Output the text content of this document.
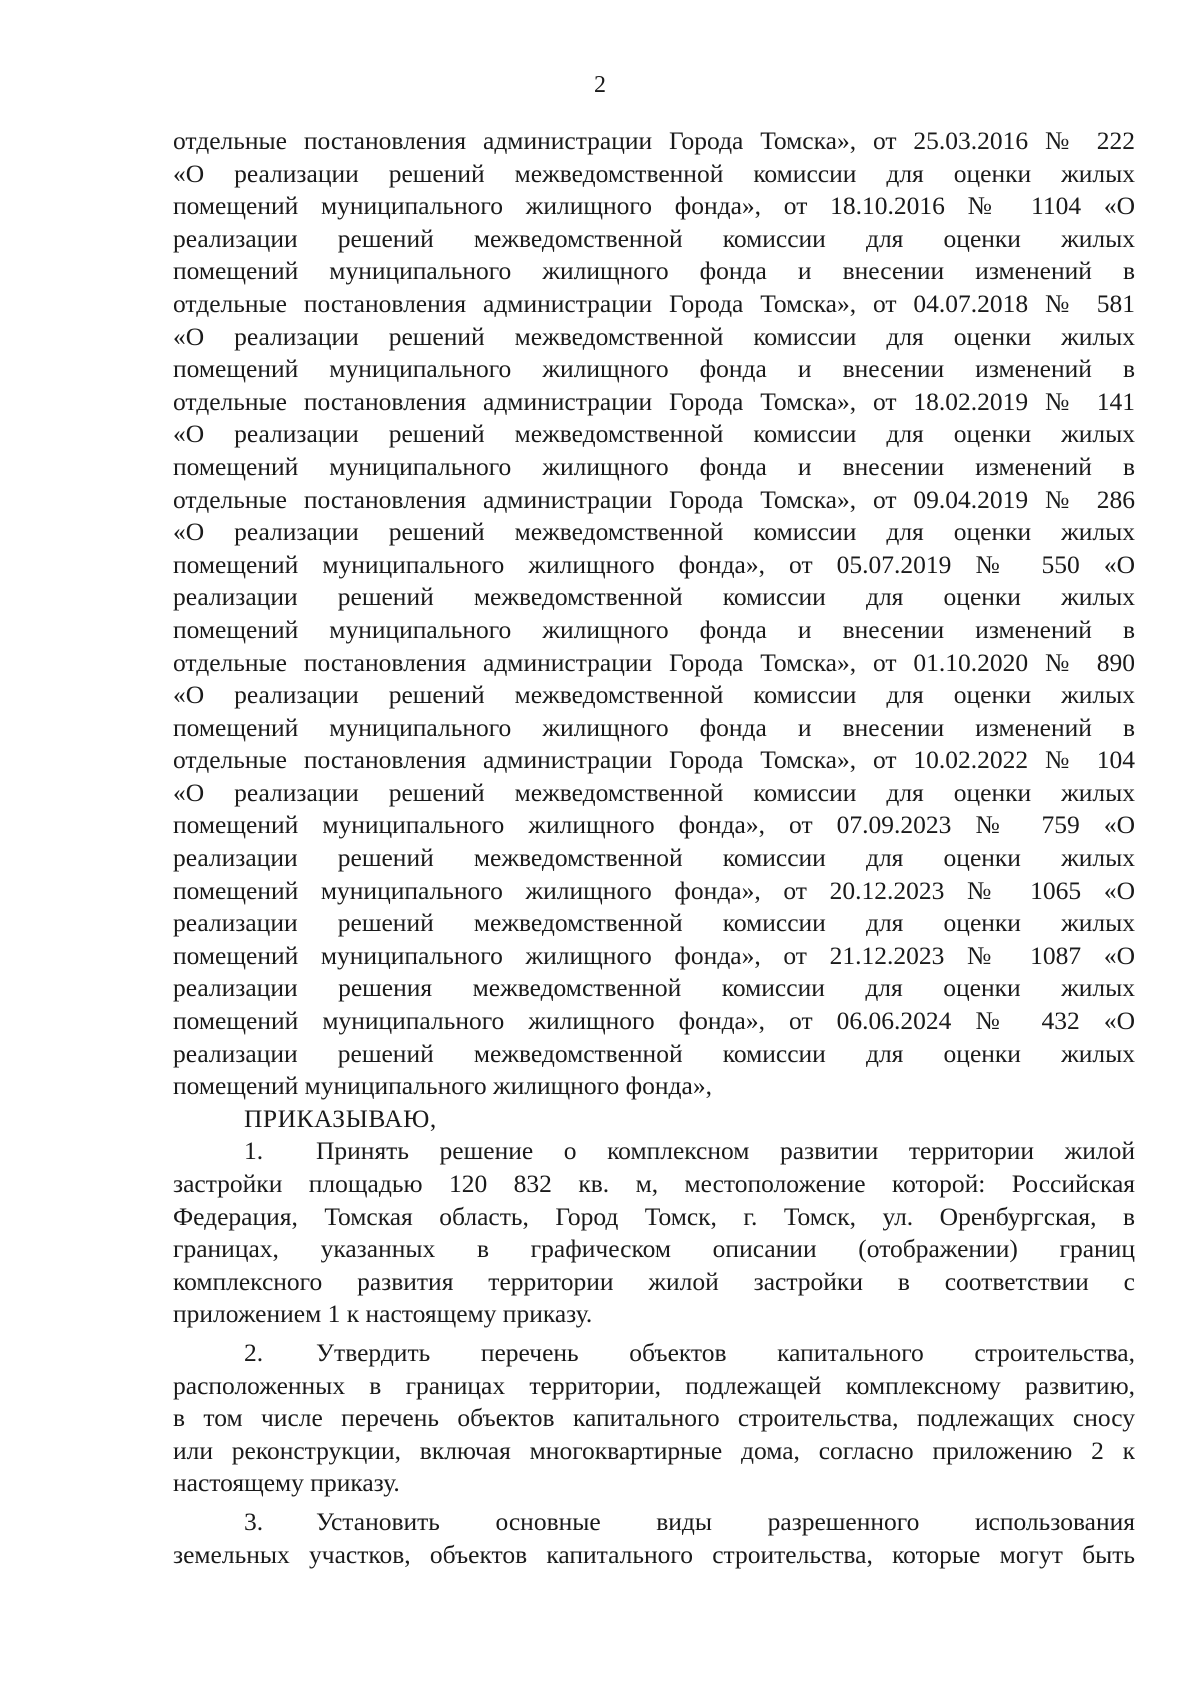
2
отдельные постановления администрации Города Томска», от 25.03.2016 № 222
«О реализации решений межведомственной комиссии для оценки жилых
помещений муниципального жилищного фонда», от 18.10.2016 № 1104 «О
реализации решений межведомственной комиссии для оценки жилых
помещений муниципального жилищного фонда и внесении изменений в
отдельные постановления администрации Города Томска», от 04.07.2018 № 581
«О реализации решений межведомственной комиссии для оценки жилых
помещений муниципального жилищного фонда и внесении изменений в
отдельные постановления администрации Города Томска», от 18.02.2019 № 141
«О реализации решений межведомственной комиссии для оценки жилых
помещений муниципального жилищного фонда и внесении изменений в
отдельные постановления администрации Города Томска», от 09.04.2019 № 286
«О реализации решений межведомственной комиссии для оценки жилых
помещений муниципального жилищного фонда», от 05.07.2019 № 550 «О
реализации решений межведомственной комиссии для оценки жилых
помещений муниципального жилищного фонда и внесении изменений в
отдельные постановления администрации Города Томска», от 01.10.2020 № 890
«О реализации решений межведомственной комиссии для оценки жилых
помещений муниципального жилищного фонда и внесении изменений в
отдельные постановления администрации Города Томска», от 10.02.2022 № 104
«О реализации решений межведомственной комиссии для оценки жилых
помещений муниципального жилищного фонда», от 07.09.2023 № 759 «О
реализации решений межведомственной комиссии для оценки жилых
помещений муниципального жилищного фонда», от 20.12.2023 № 1065 «О
реализации решений межведомственной комиссии для оценки жилых
помещений муниципального жилищного фонда», от 21.12.2023 № 1087 «О
реализации решения межведомственной комиссии для оценки жилых
помещений муниципального жилищного фонда», от 06.06.2024 № 432 «О
реализации решений межведомственной комиссии для оценки жилых
помещений муниципального жилищного фонда»,
ПРИКАЗЫВАЮ,
1. Принять решение о комплексном развитии территории жилой
застройки площадью 120 832 кв. м, местоположение которой: Российская
Федерация, Томская область, Город Томск, г. Томск, ул. Оренбургская, в
границах, указанных в графическом описании (отображении) границ
комплексного развития территории жилой застройки в соответствии с
приложением 1 к настоящему приказу.
2. Утвердить перечень объектов капитального строительства,
расположенных в границах территории, подлежащей комплексному развитию,
в том числе перечень объектов капитального строительства, подлежащих сносу
или реконструкции, включая многоквартирные дома, согласно приложению 2 к
настоящему приказу.
3. Установить основные виды разрешенного использования
земельных участков, объектов капитального строительства, которые могут быть
